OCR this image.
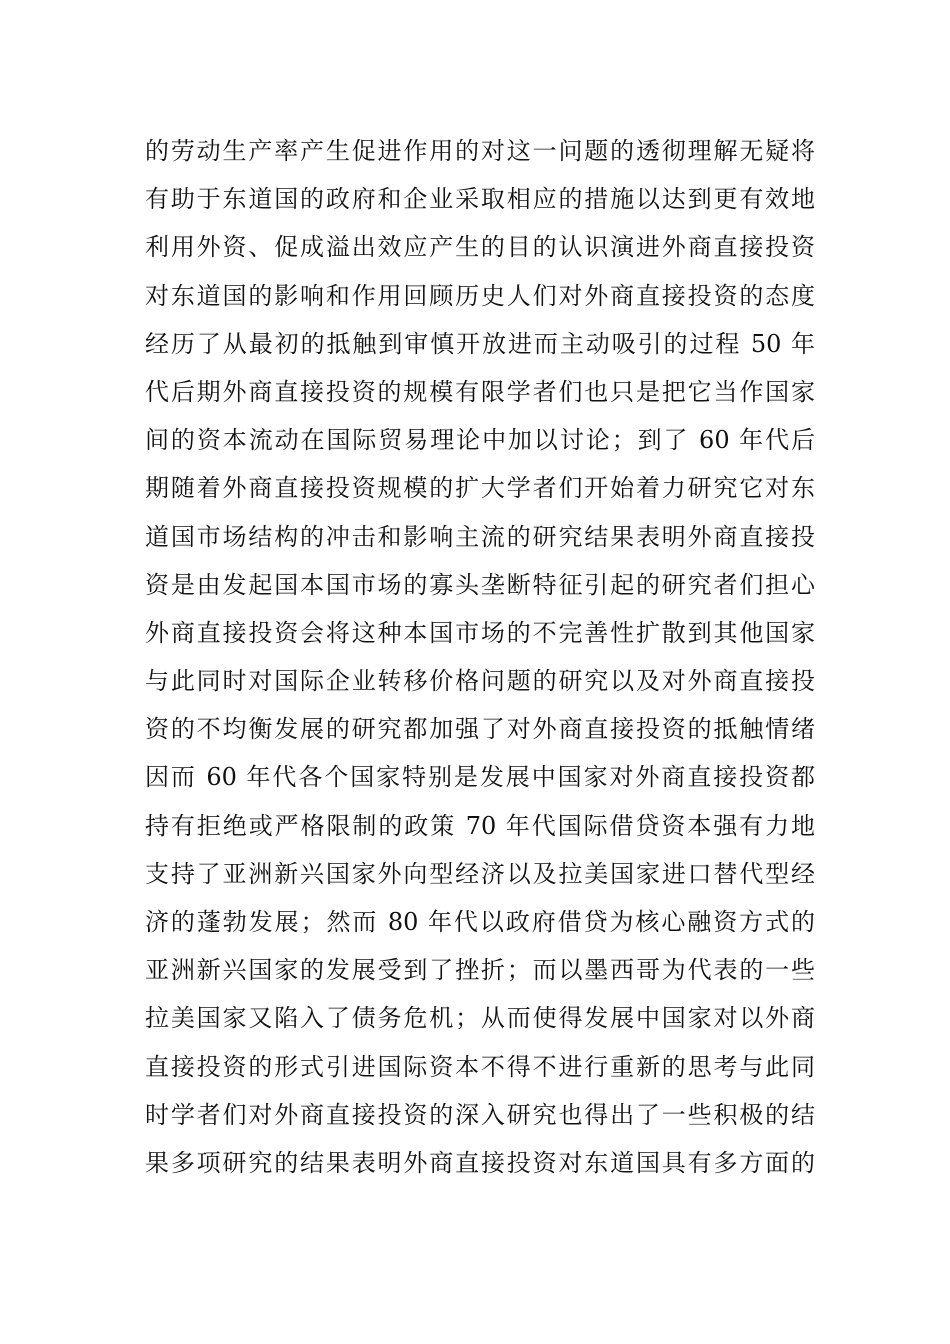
的劳动生产率产生促进作用的对这一问题的透彻理解无疑将
有助于东道国的政府和企业采取相应的措施以达到更有效地
利用外资、促成溢出效应产生的目的认识演进外商直接投资
对东道国的影响和作用回顾历史人们对外商直接投资的态度
经历了从最初的抵触到审慎开放进而主动吸引的过程 50 年
代后期外商直接投资的规模有限学者们也只是把它当作国家
间的资本流动在国际贸易理论中加以讨论；到了 60 年代后
期随着外商直接投资规模的扩大学者们开始着力研究它对东
道国市场结构的冲击和影响主流的研究结果表明外商直接投
资是由发起国本国市场的寡头垄断特征引起的研究者们担心
外商直接投资会将这种本国市场的不完善性扩散到其他国家
与此同时对国际企业转移价格问题的研究以及对外商直接投
资的不均衡发展的研究都加强了对外商直接投资的抵触情绪
因而 60 年代各个国家特别是发展中国家对外商直接投资都
持有拒绝或严格限制的政策 70 年代国际借贷资本强有力地
支持了亚洲新兴国家外向型经济以及拉美国家进口替代型经
济的蓬勃发展；然而 80 年代以政府借贷为核心融资方式的
亚洲新兴国家的发展受到了挫折；而以墨西哥为代表的一些
拉美国家又陷入了债务危机；从而使得发展中国家对以外商
直接投资的形式引进国际资本不得不进行重新的思考与此同
时学者们对外商直接投资的深入研究也得出了一些积极的结
果多项研究的结果表明外商直接投资对东道国具有多方面的
